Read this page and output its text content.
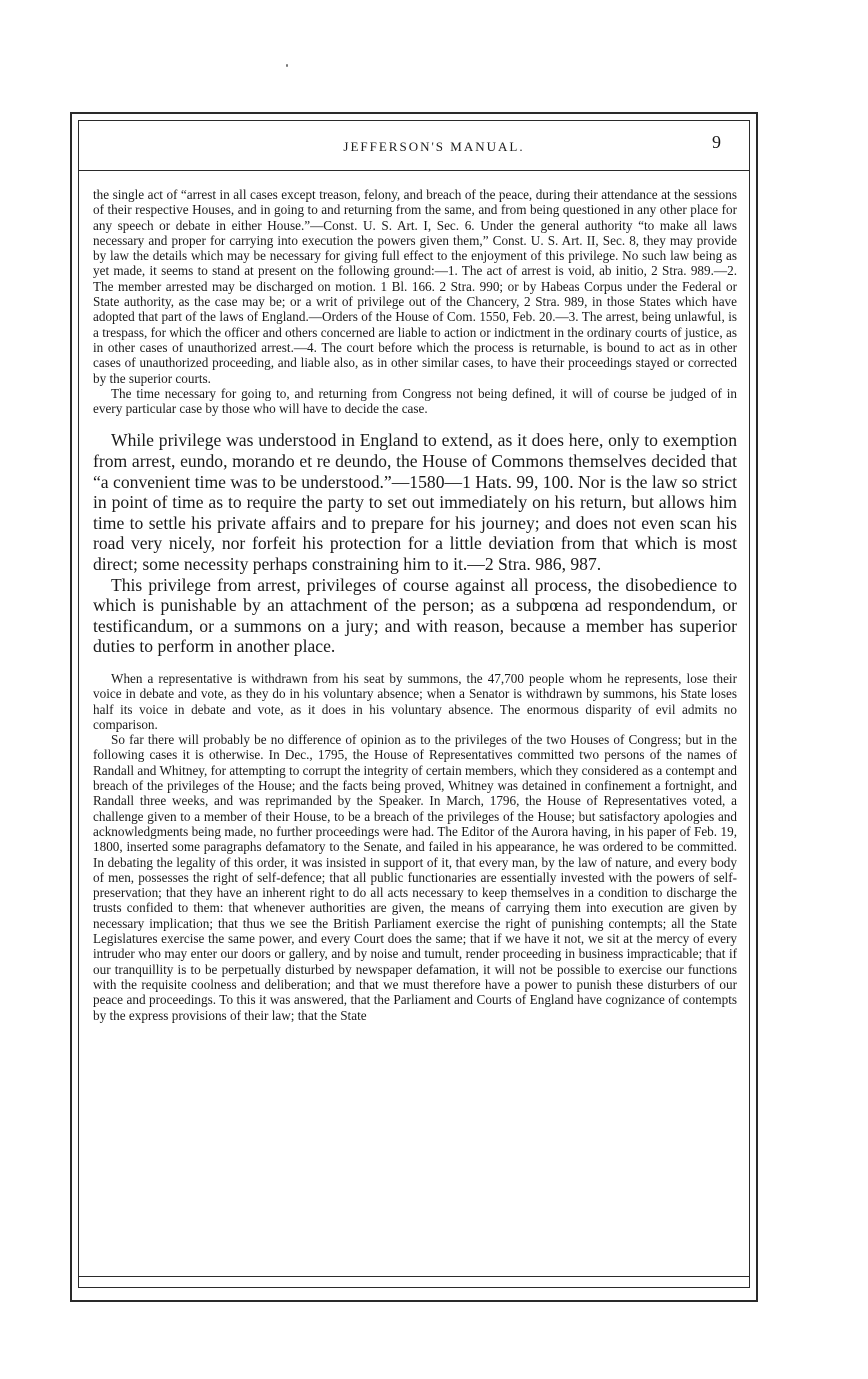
JEFFERSON'S MANUAL.	9

the single act of “arrest in all cases except treason, felony, and breach of the peace, during their attendance at the sessions of their respective Houses, and in going to and returning from the same, and from being questioned in any other place for any speech or debate in either House.”—Const. U. S. Art. I, Sec. 6. Under the general authority “to make all laws necessary and proper for carrying into execution the powers given them,” Const. U. S. Art. II, Sec. 8, they may provide by law the details which may be necessary for giving full effect to the enjoyment of this privilege. No such law being as yet made, it seems to stand at present on the following ground:—1. The act of arrest is void, ab initio, 2 Stra. 989.—2. The member arrested may be discharged on motion. 1 Bl. 166. 2 Stra. 990; or by Habeas Corpus under the Federal or State authority, as the case may be; or a writ of privilege out of the Chancery, 2 Stra. 989, in those States which have adopted that part of the laws of England.—Orders of the House of Com. 1550, Feb. 20.—3. The arrest, being unlawful, is a trespass, for which the officer and others concerned are liable to action or indictment in the ordinary courts of justice, as in other cases of unauthorized arrest.—4. The court before which the process is returnable, is bound to act as in other cases of unauthorized proceeding, and liable also, as in other similar cases, to have their proceedings stayed or corrected by the superior courts.

The time necessary for going to, and returning from Congress not being defined, it will of course be judged of in every particular case by those who will have to decide the case.

While privilege was understood in England to extend, as it does here, only to exemption from arrest, eundo, morando et re deundo, the House of Commons themselves decided that “a convenient time was to be understood.”—1580—1 Hats. 99, 100. Nor is the law so strict in point of time as to require the party to set out immediately on his return, but allows him time to settle his private affairs and to prepare for his journey; and does not even scan his road very nicely, nor forfeit his protection for a little deviation from that which is most direct; some necessity perhaps constraining him to it.—2 Stra. 986, 987.

This privilege from arrest, privileges of course against all process, the disobedience to which is punishable by an attachment of the person; as a subpœna ad respondendum, or testificandum, or a summons on a jury; and with reason, because a member has superior duties to perform in another place.

When a representative is withdrawn from his seat by summons, the 47,700 people whom he represents, lose their voice in debate and vote, as they do in his voluntary absence; when a Senator is withdrawn by summons, his State loses half its voice in debate and vote, as it does in his voluntary absence. The enormous disparity of evil admits no comparison.

So far there will probably be no difference of opinion as to the privileges of the two Houses of Congress; but in the following cases it is otherwise. In Dec., 1795, the House of Representatives committed two persons of the names of Randall and Whitney, for attempting to corrupt the integrity of certain members, which they considered as a contempt and breach of the privileges of the House; and the facts being proved, Whitney was detained in confinement a fortnight, and Randall three weeks, and was reprimanded by the Speaker. In March, 1796, the House of Representatives voted, a challenge given to a member of their House, to be a breach of the privileges of the House; but satisfactory apologies and acknowledgments being made, no further proceedings were had. The Editor of the Aurora having, in his paper of Feb. 19, 1800, inserted some paragraphs defamatory to the Senate, and failed in his appearance, he was ordered to be committed. In debating the legality of this order, it was insisted in support of it, that every man, by the law of nature, and every body of men, possesses the right of self-defence; that all public functionaries are essentially invested with the powers of self-preservation; that they have an inherent right to do all acts necessary to keep themselves in a condition to discharge the trusts confided to them: that whenever authorities are given, the means of carrying them into execution are given by necessary implication; that thus we see the British Parliament exercise the right of punishing contempts; all the State Legislatures exercise the same power, and every Court does the same; that if we have it not, we sit at the mercy of every intruder who may enter our doors or gallery, and by noise and tumult, render proceeding in business impracticable; that if our tranquillity is to be perpetually disturbed by newspaper defamation, it will not be possible to exercise our functions with the requisite coolness and deliberation; and that we must therefore have a power to punish these disturbers of our peace and proceedings. To this it was answered, that the Parliament and Courts of England have cognizance of contempts by the express provisions of their law; that the State
